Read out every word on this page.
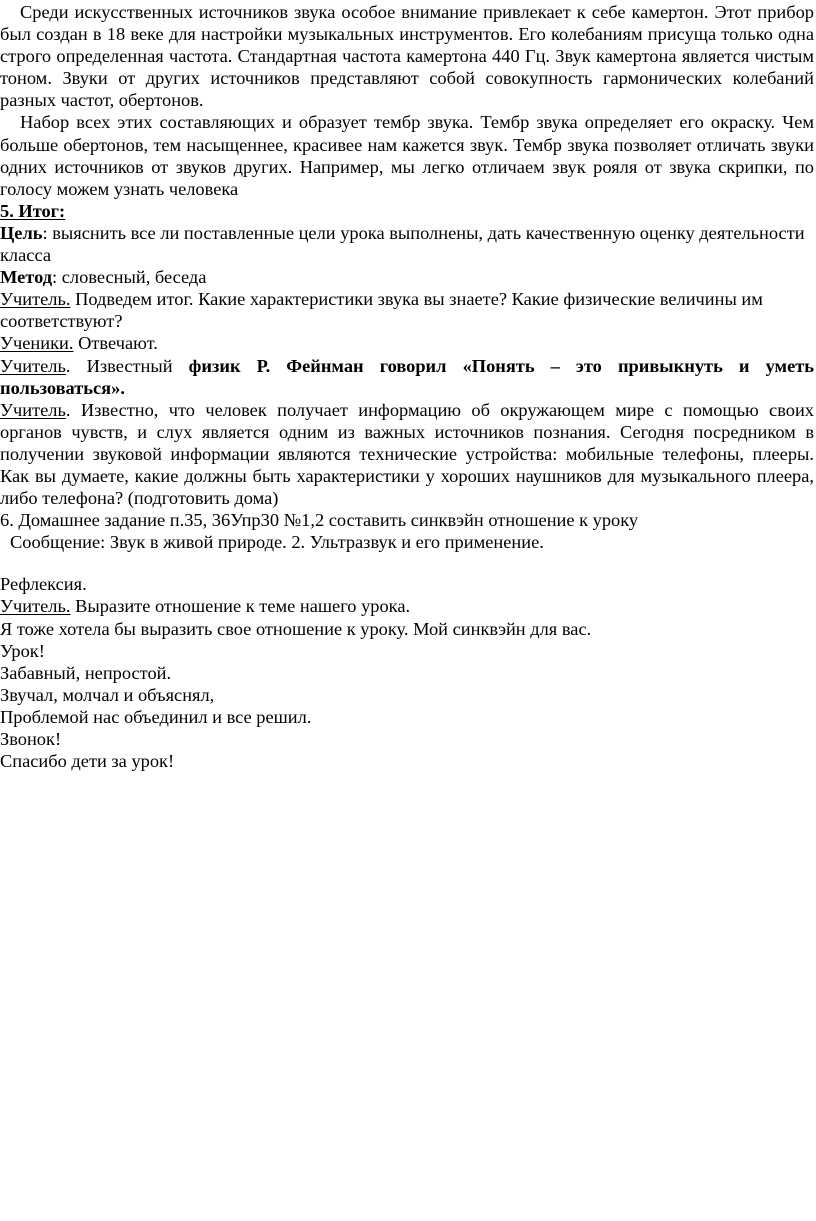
Среди искусственных источников звука особое внимание привлекает к себе камертон. Этот прибор был создан в 18 веке для настройки музыкальных инструментов. Его колебаниям присуща только одна строго определенная частота. Стандартная частота камертона 440 Гц. Звук камертона является чистым тоном. Звуки от других источников представляют собой совокупность гармонических колебаний разных частот, обертонов.

Набор всех этих составляющих и образует тембр звука. Тембр звука определяет его окраску. Чем больше обертонов, тем насыщеннее, красивее нам кажется звук. Тембр звука позволяет отличать звуки одних источников от звуков других. Например, мы легко отличаем звук рояля от звука скрипки, по голосу можем узнать человека

5. Итог:

Цель: выяснить все ли поставленные цели урока выполнены, дать качественную оценку деятельности класса

Метод: словесный, беседа

Учитель. Подведем итог. Какие характеристики звука вы знаете? Какие физические величины им соответствуют?

Ученики. Отвечают.

Учитель. Известный физик Р. Фейнман говорил «Понять – это привыкнуть и уметь пользоваться».

Учитель. Известно, что человек получает информацию об окружающем мире с помощью своих органов чувств, и слух является одним из важных источников познания. Сегодня посредником в получении звуковой информации являются технические устройства: мобильные телефоны, плееры. Как вы думаете, какие должны быть характеристики у хороших наушников для музыкального плеера, либо телефона? (подготовить дома)

6. Домашнее задание п.35, 36Упр30 №1,2 составить синквэйн отношение к уроку

Сообщение: Звук в живой природе. 2. Ультразвук и его применение.

Рефлексия.

Учитель. Выразите отношение к теме нашего урока.

Я тоже хотела бы выразить свое отношение к уроку. Мой синквэйн для вас.

Урок!

Забавный, непростой.

Звучал, молчал и объяснял,

Проблемой нас объединил и все решил.

Звонок!

Спасибо дети за урок!
